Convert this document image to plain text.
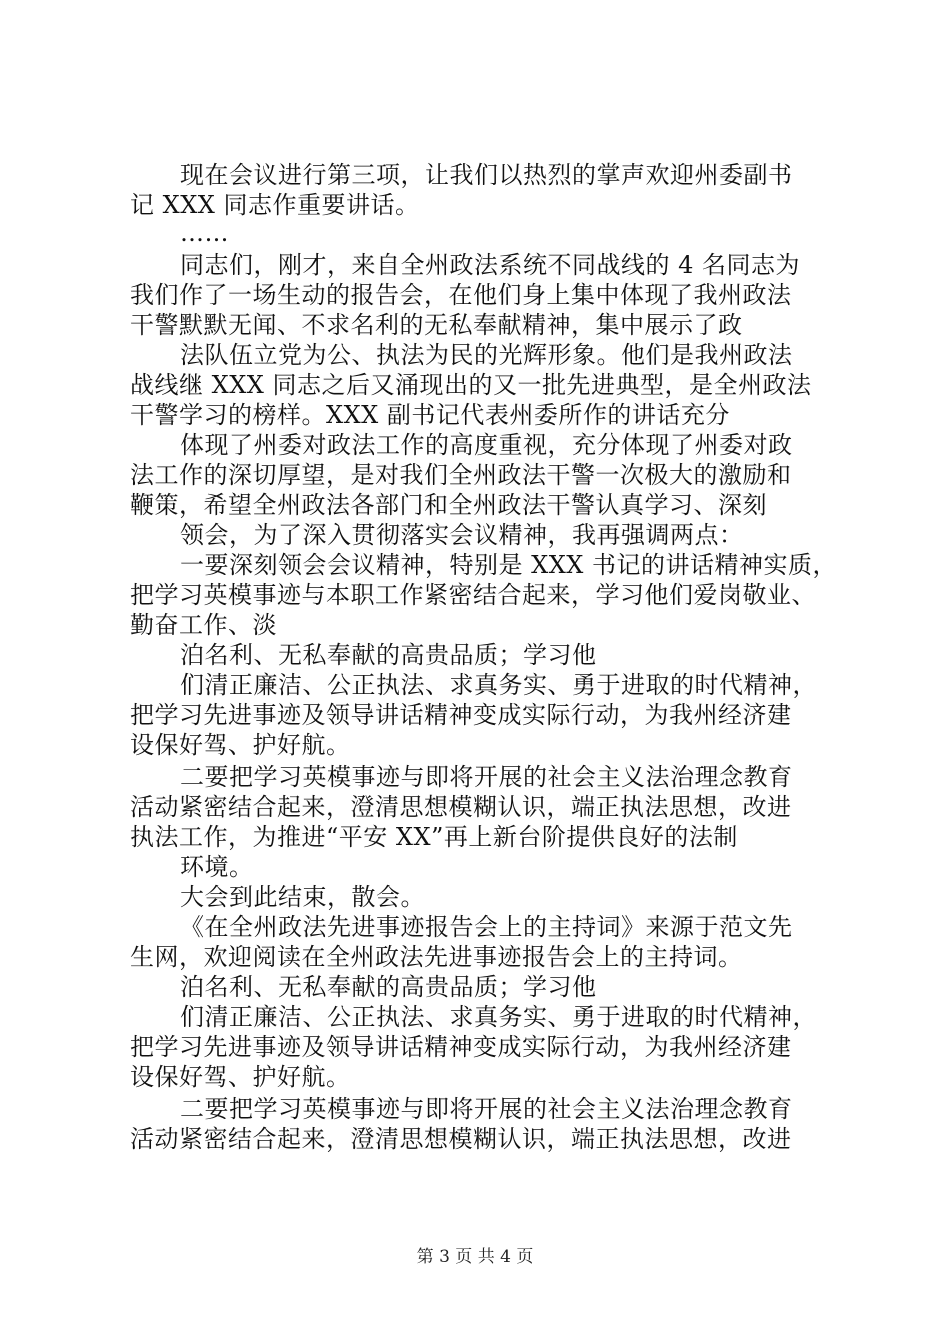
现在会议进行第三项，让我们以热烈的掌声欢迎州委副书
记 XXX 同志作重要讲话。
……
同志们，刚才，来自全州政法系统不同战线的 4 名同志为
我们作了一场生动的报告会，在他们身上集中体现了我州政法
干警默默无闻、不求名利的无私奉献精神，集中展示了政
法队伍立党为公、执法为民的光辉形象。他们是我州政法
战线继 XXX 同志之后又涌现出的又一批先进典型，是全州政法
干警学习的榜样。XXX 副书记代表州委所作的讲话充分
体现了州委对政法工作的高度重视，充分体现了州委对政
法工作的深切厚望，是对我们全州政法干警一次极大的激励和
鞭策，希望全州政法各部门和全州政法干警认真学习、深刻
领会，为了深入贯彻落实会议精神，我再强调两点：
一要深刻领会会议精神，特别是 XXX 书记的讲话精神实质，
把学习英模事迹与本职工作紧密结合起来，学习他们爱岗敬业、
勤奋工作、淡
泊名利、无私奉献的高贵品质；学习他
们清正廉洁、公正执法、求真务实、勇于进取的时代精神，
把学习先进事迹及领导讲话精神变成实际行动，为我州经济建
设保好驾、护好航。
二要把学习英模事迹与即将开展的社会主义法治理念教育
活动紧密结合起来，澄清思想模糊认识，端正执法思想，改进
执法工作，为推进“平安 XX”再上新台阶提供良好的法制
环境。
大会到此结束，散会。
《在全州政法先进事迹报告会上的主持词》来源于范文先
生网，欢迎阅读在全州政法先进事迹报告会上的主持词。
泊名利、无私奉献的高贵品质；学习他
们清正廉洁、公正执法、求真务实、勇于进取的时代精神，
把学习先进事迹及领导讲话精神变成实际行动，为我州经济建
设保好驾、护好航。
二要把学习英模事迹与即将开展的社会主义法治理念教育
活动紧密结合起来，澄清思想模糊认识，端正执法思想，改进
第 3 页 共 4 页
